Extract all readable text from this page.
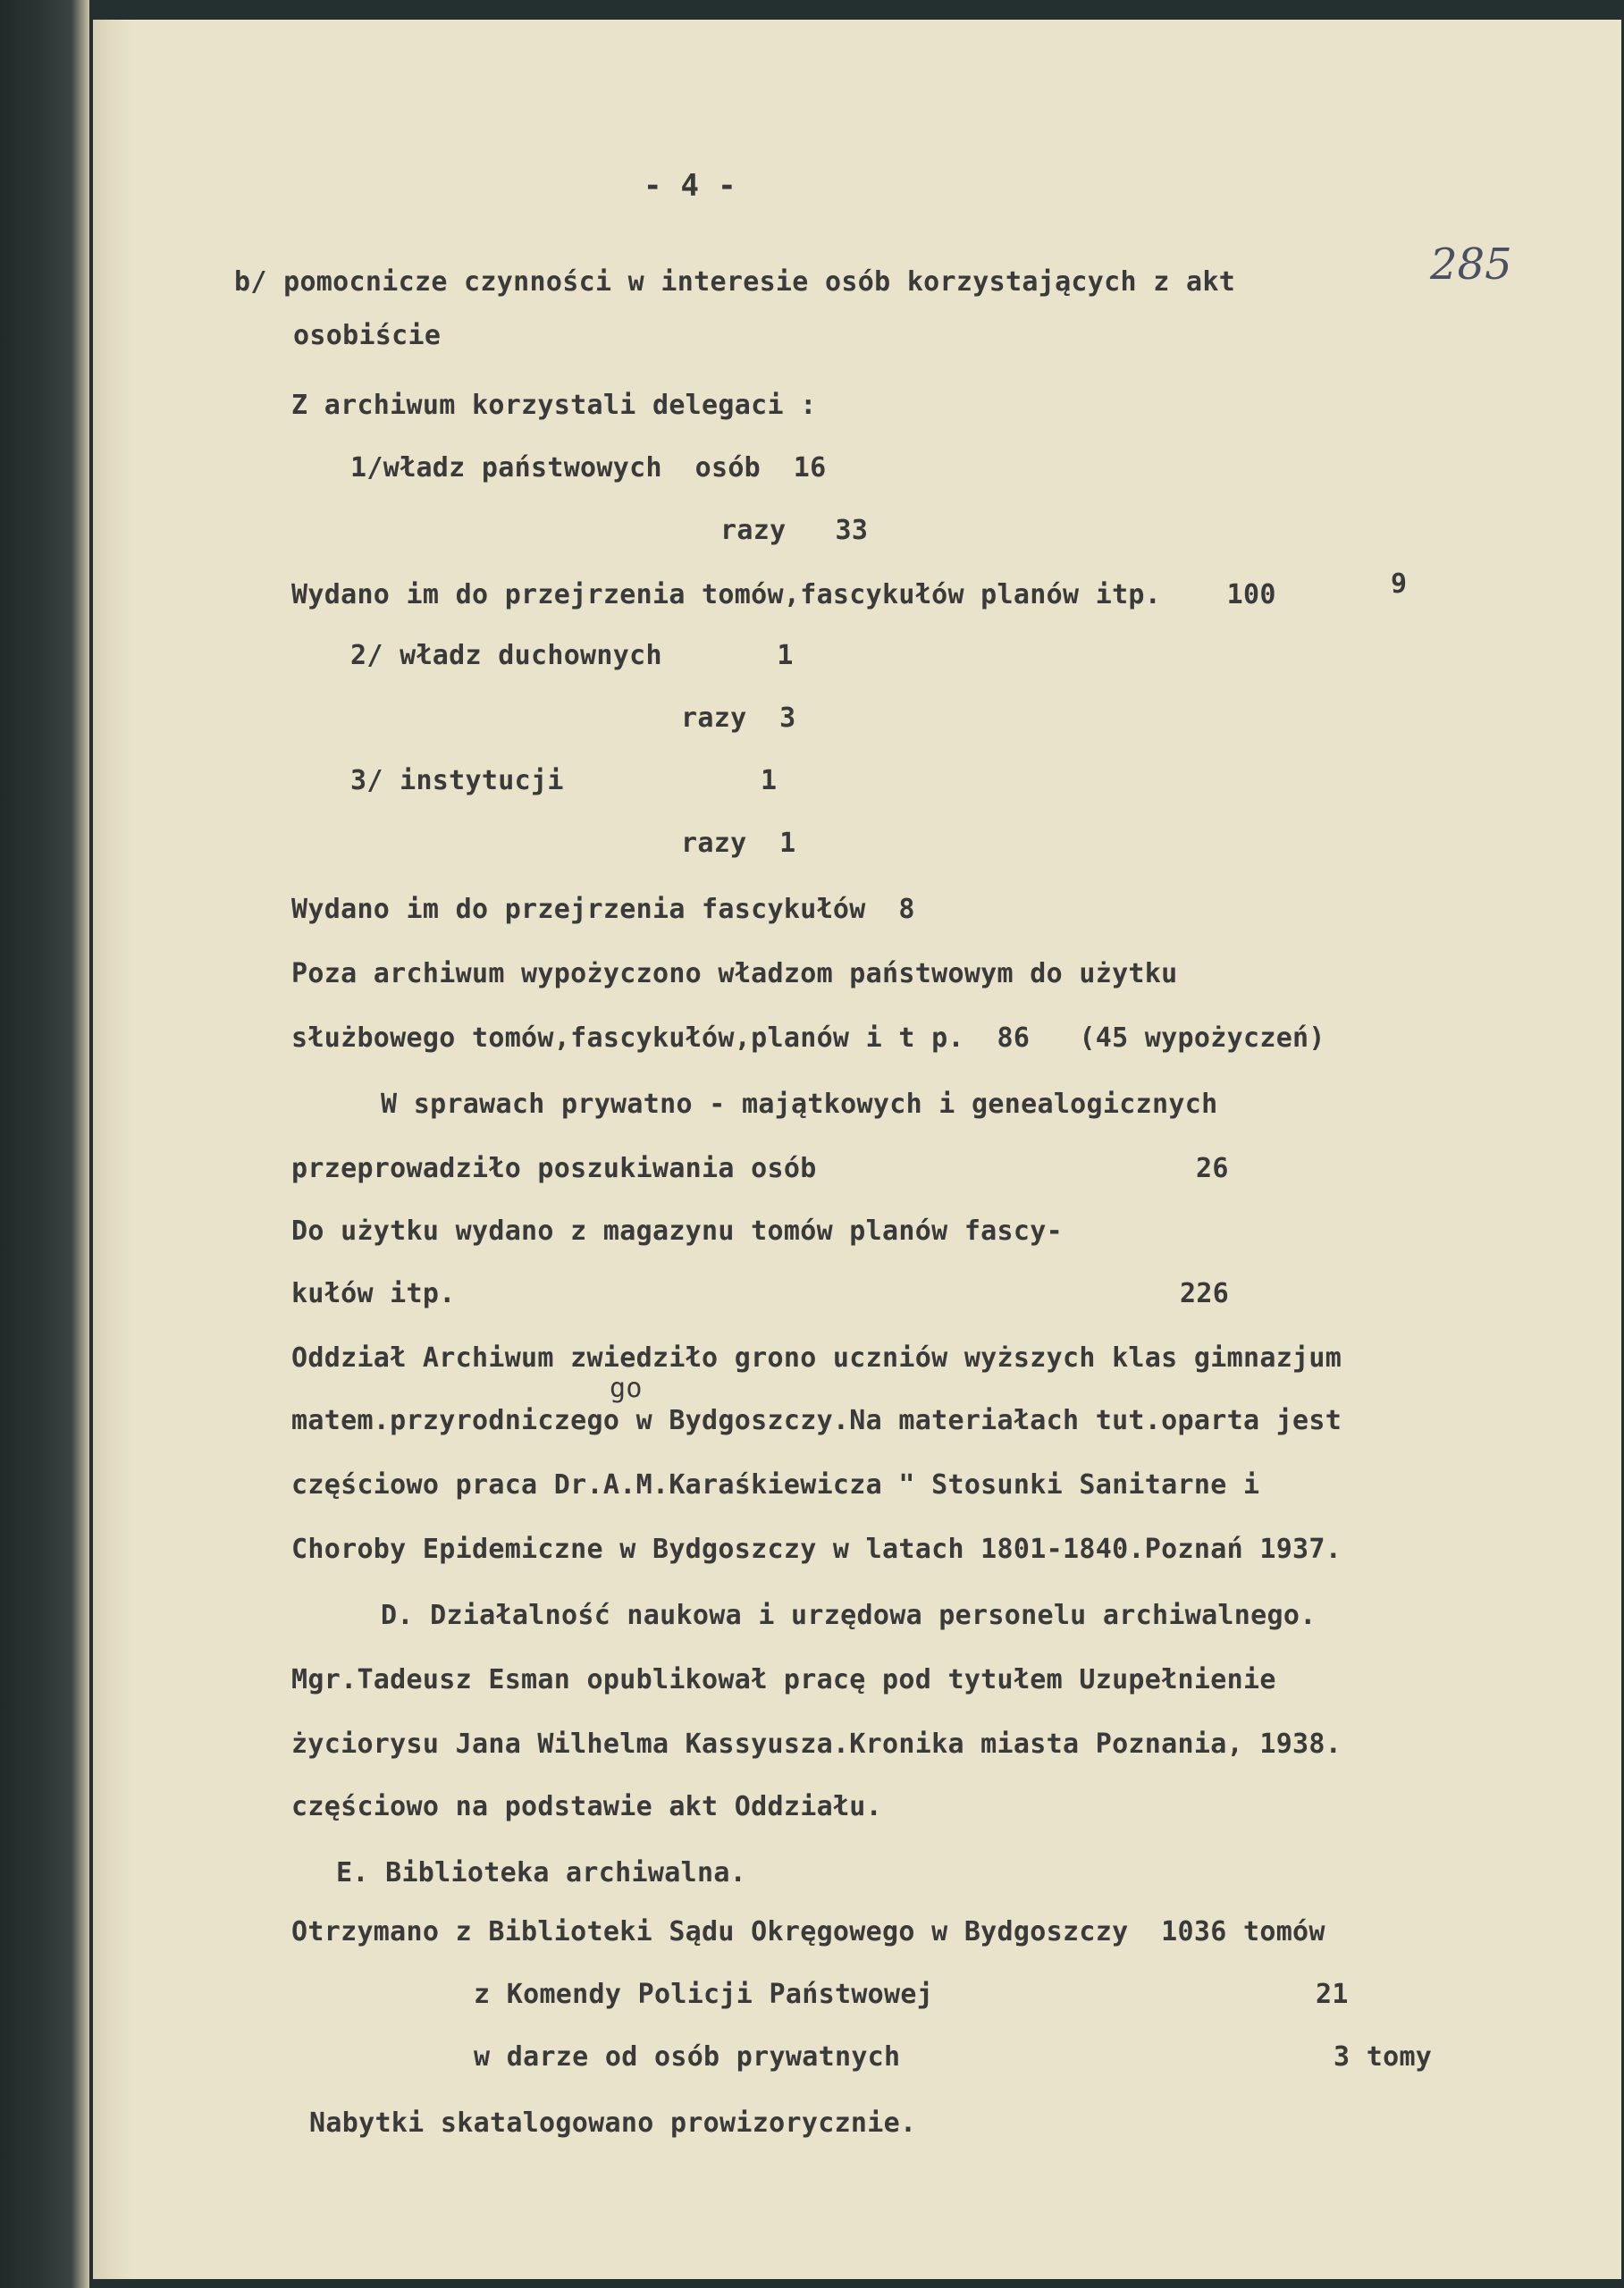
- 4 -
285
b/ pomocnicze czynności w interesie osób korzystających z akt
osobiście
Z archiwum korzystali delegaci :
1/władz państwowych  osób  16
razy   33
Wydano im do przejrzenia tomów,fascykułów planów itp.    100	9
2/ władz duchownych       1
razy  3
3/ instytucji            1
razy  1
Wydano im do przejrzenia fascykułów  8
Poza archiwum wypożyczono władzom państwowym do użytku
służbowego tomów,fascykułów,planów i t p.  86   (45 wypożyczeń)
W sprawach prywatno - majątkowych i genealogicznych
przeprowadziło poszukiwania osób	26
Do użytku wydano z magazynu tomów planów fascy-
kułów itp.	226
Oddział Archiwum zwiedziło grono uczniów wyższych klas gimnazjum
go
matem.przyrodniczego w Bydgoszczy.Na materiałach tut.oparta jest
częściowo praca Dr.A.M.Karaśkiewicza " Stosunki Sanitarne i
Choroby Epidemiczne w Bydgoszczy w latach 1801-1840.Poznań 1937.
D. Działalność naukowa i urzędowa personelu archiwalnego.
Mgr.Tadeusz Esman opublikował pracę pod tytułem Uzupełnienie
życiorysu Jana Wilhelma Kassyusza.Kronika miasta Poznania, 1938.
częściowo na podstawie akt Oddziału.
E. Biblioteka archiwalna.
Otrzymano z Biblioteki Sądu Okręgowego w Bydgoszczy  1036 tomów
z Komendy Policji Państwowej	21
w darze od osób prywatnych	3 tomy
Nabytki skatalogowano prowizorycznie.
